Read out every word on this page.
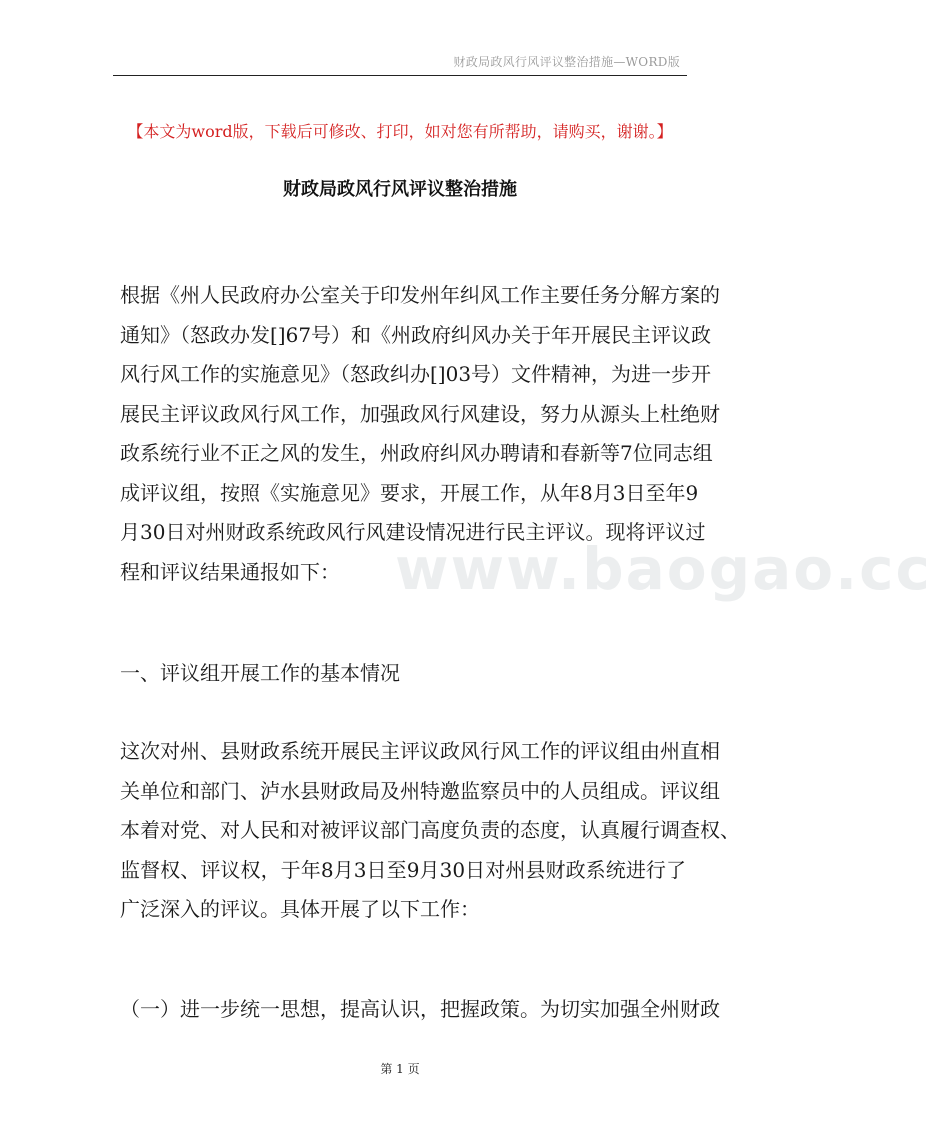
财政局政风行风评议整治措施—WORD版
【本文为word版，下载后可修改、打印，如对您有所帮助，请购买，谢谢。】
财政局政风行风评议整治措施
www.baogao.cc
根据《州人民政府办公室关于印发州年纠风工作主要任务分解方案的
通知》（怒政办发[]67号）和《州政府纠风办关于年开展民主评议政
风行风工作的实施意见》（怒政纠办[]03号）文件精神，为进一步开
展民主评议政风行风工作，加强政风行风建设，努力从源头上杜绝财
政系统行业不正之风的发生，州政府纠风办聘请和春新等7位同志组
成评议组，按照《实施意见》要求，开展工作，从年8月3日至年9
月30日对州财政系统政风行风建设情况进行民主评议。现将评议过
程和评议结果通报如下：
一、评议组开展工作的基本情况
这次对州、县财政系统开展民主评议政风行风工作的评议组由州直相
关单位和部门、泸水县财政局及州特邀监察员中的人员组成。评议组
本着对党、对人民和对被评议部门高度负责的态度，认真履行调查权、
监督权、评议权，于年8月3日至9月30日对州县财政系统进行了
广泛深入的评议。具体开展了以下工作：
（一）进一步统一思想，提高认识，把握政策。为切实加强全州财政
第 1 页
